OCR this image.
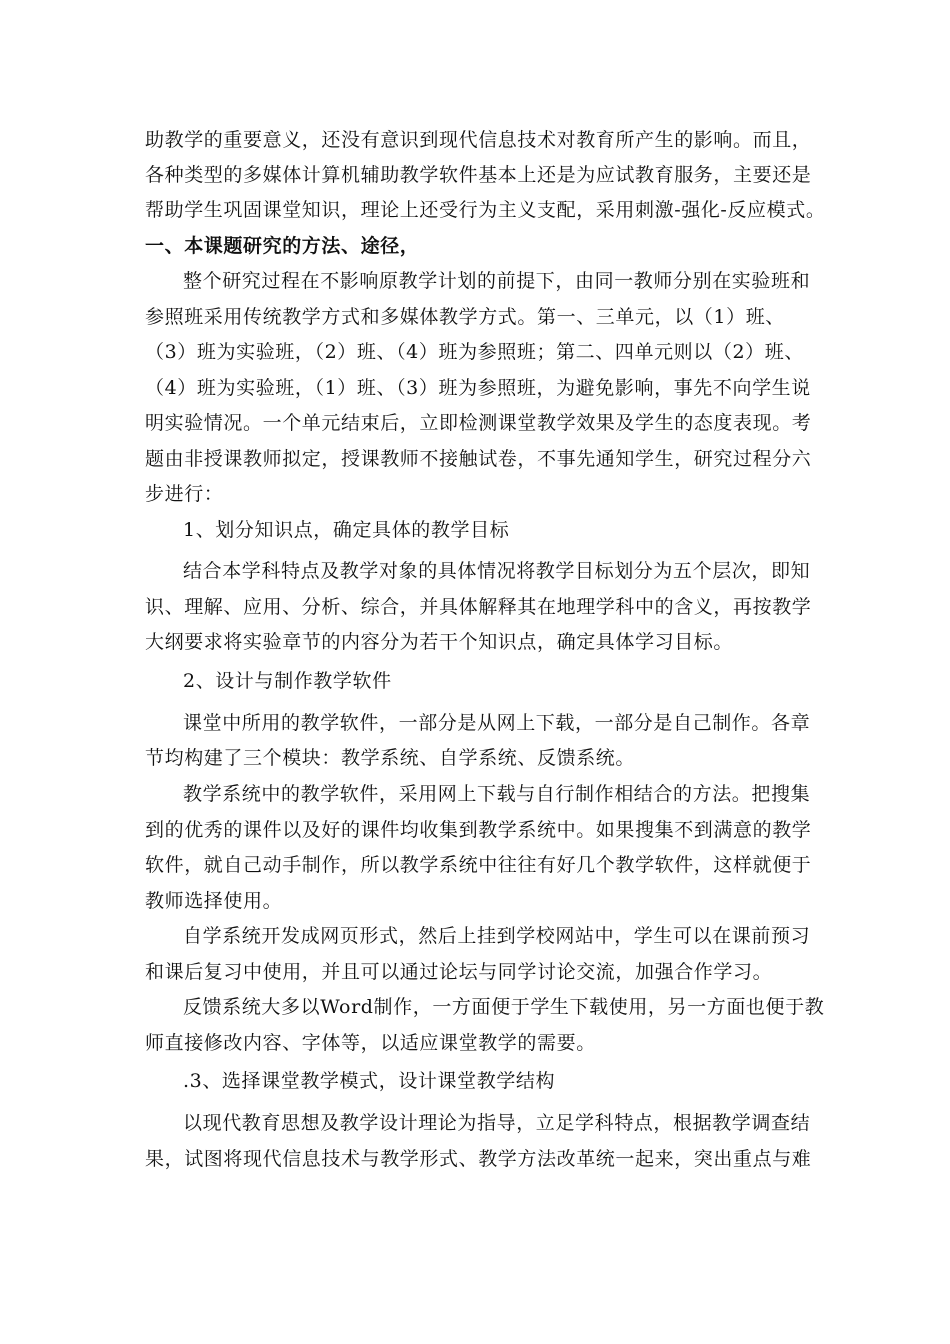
助教学的重要意义，还没有意识到现代信息技术对教育所产生的影响。而且，
各种类型的多媒体计算机辅助教学软件基本上还是为应试教育服务，主要还是
帮助学生巩固课堂知识，理论上还受行为主义支配，采用刺激-强化-反应模式。
一、本课题研究的方法、途径，
整个研究过程在不影响原教学计划的前提下，由同一教师分别在实验班和
参照班采用传统教学方式和多媒体教学方式。第一、三单元，以（1）班、
（3）班为实验班，（2）班、（4）班为参照班；第二、四单元则以（2）班、
（4）班为实验班，（1）班、（3）班为参照班，为避免影响，事先不向学生说
明实验情况。一个单元结束后，立即检测课堂教学效果及学生的态度表现。考
题由非授课教师拟定，授课教师不接触试卷，不事先通知学生，研究过程分六
步进行：
1、划分知识点，确定具体的教学目标
结合本学科特点及教学对象的具体情况将教学目标划分为五个层次，即知
识、理解、应用、分析、综合，并具体解释其在地理学科中的含义，再按教学
大纲要求将实验章节的内容分为若干个知识点，确定具体学习目标。
2、设计与制作教学软件
课堂中所用的教学软件，一部分是从网上下载，一部分是自己制作。各章
节均构建了三个模块：教学系统、自学系统、反馈系统。
教学系统中的教学软件，采用网上下载与自行制作相结合的方法。把搜集
到的优秀的课件以及好的课件均收集到教学系统中。如果搜集不到满意的教学
软件，就自己动手制作，所以教学系统中往往有好几个教学软件，这样就便于
教师选择使用。
自学系统开发成网页形式，然后上挂到学校网站中，学生可以在课前预习
和课后复习中使用，并且可以通过论坛与同学讨论交流，加强合作学习。
反馈系统大多以Word制作，一方面便于学生下载使用，另一方面也便于教
师直接修改内容、字体等，以适应课堂教学的需要。
.3、选择课堂教学模式，设计课堂教学结构
以现代教育思想及教学设计理论为指导，立足学科特点，根据教学调查结
果，试图将现代信息技术与教学形式、教学方法改革统一起来，突出重点与难
